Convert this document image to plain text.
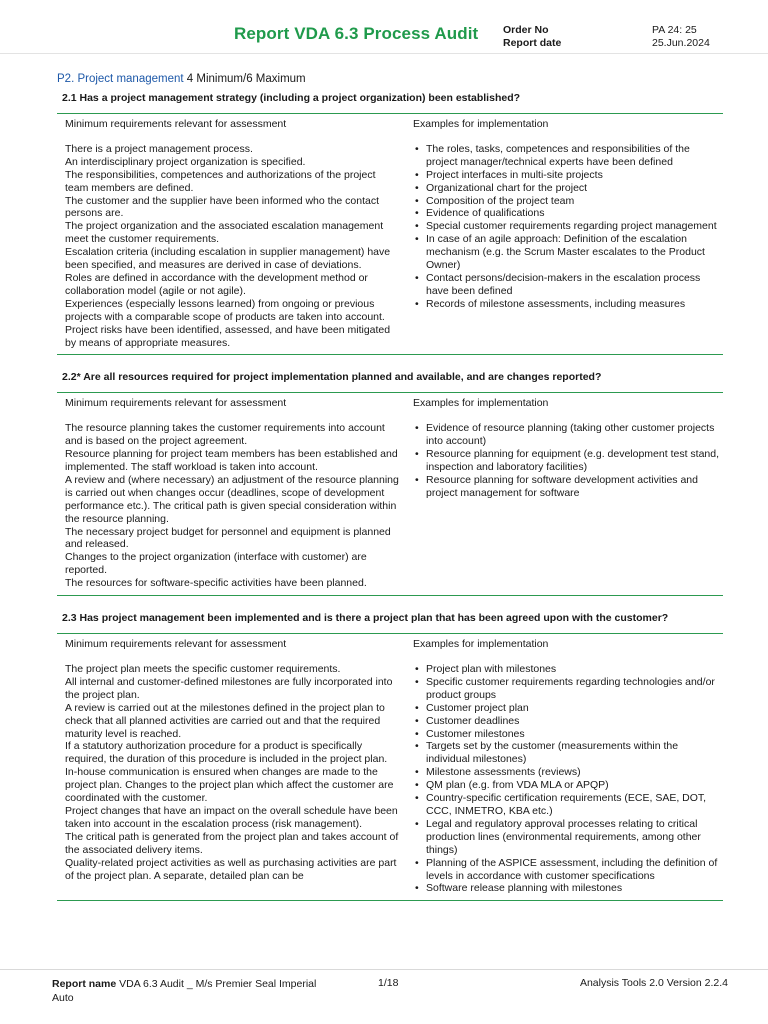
Report VDA 6.3 Process Audit Order No
Report date
PA 24: 25
25.Jun.2024
P2. Project management 4 Minimum/6 Maximum
2.1 Has a project management strategy (including a project organization) been established?
Minimum requirements relevant for assessment
There is a project management process.
An interdisciplinary project organization is specified.
The responsibilities, competences and authorizations of the project team members are defined.
The customer and the supplier have been informed who the contact persons are.
The project organization and the associated escalation management meet the customer requirements.
Escalation criteria (including escalation in supplier management) have been specified, and measures are derived in case of deviations.
Roles are defined in accordance with the development method or collaboration model (agile or not agile).
Experiences (especially lessons learned) from ongoing or previous projects with a comparable scope of products are taken into account.
Project risks have been identified, assessed, and have been mitigated by means of appropriate measures.
Examples for implementation
• The roles, tasks, competences and responsibilities of the project manager/technical experts have been defined
• Project interfaces in multi-site projects
• Organizational chart for the project
• Composition of the project team
• Evidence of qualifications
• Special customer requirements regarding project management
• In case of an agile approach: Definition of the escalation mechanism (e.g. the Scrum Master escalates to the Product Owner)
• Contact persons/decision-makers in the escalation process have been defined
• Records of milestone assessments, including measures
2.2* Are all resources required for project implementation planned and available, and are changes reported?
Minimum requirements relevant for assessment
The resource planning takes the customer requirements into account and is based on the project agreement.
Resource planning for project team members has been established and implemented. The staff workload is taken into account.
A review and (where necessary) an adjustment of the resource planning is carried out when changes occur (deadlines, scope of development performance etc.). The critical path is given special consideration within the resource planning.
The necessary project budget for personnel and equipment is planned and released.
Changes to the project organization (interface with customer) are reported.
The resources for software-specific activities have been planned.
Examples for implementation
• Evidence of resource planning (taking other customer projects into account)
• Resource planning for equipment (e.g. development test stand, inspection and laboratory facilities)
• Resource planning for software development activities and project management for software
2.3 Has project management been implemented and is there a project plan that has been agreed upon with the customer?
Minimum requirements relevant for assessment
The project plan meets the specific customer requirements.
All internal and customer-defined milestones are fully incorporated into the project plan.
A review is carried out at the milestones defined in the project plan to check that all planned activities are carried out and that the required maturity level is reached.
If a statutory authorization procedure for a product is specifically required, the duration of this procedure is included in the project plan.
In-house communication is ensured when changes are made to the project plan. Changes to the project plan which affect the customer are coordinated with the customer.
Project changes that have an impact on the overall schedule have been taken into account in the escalation process (risk management).
The critical path is generated from the project plan and takes account of the associated delivery items.
Quality-related project activities as well as purchasing activities are part of the project plan. A separate, detailed plan can be
Examples for implementation
• Project plan with milestones
• Specific customer requirements regarding technologies and/or product groups
• Customer project plan
• Customer deadlines
• Customer milestones
• Targets set by the customer (measurements within the individual milestones)
• Milestone assessments (reviews)
• QM plan (e.g. from VDA MLA or APQP)
• Country-specific certification requirements (ECE, SAE, DOT, CCC, INMETRO, KBA etc.)
• Legal and regulatory approval processes relating to critical production lines (environmental requirements, among other things)
• Planning of the ASPICE assessment, including the definition of levels in accordance with customer specifications
• Software release planning with milestones
Report name VDA 6.3 Audit _ M/s Premier Seal Imperial Auto
1/18	Analysis Tools 2.0 Version 2.2.4
